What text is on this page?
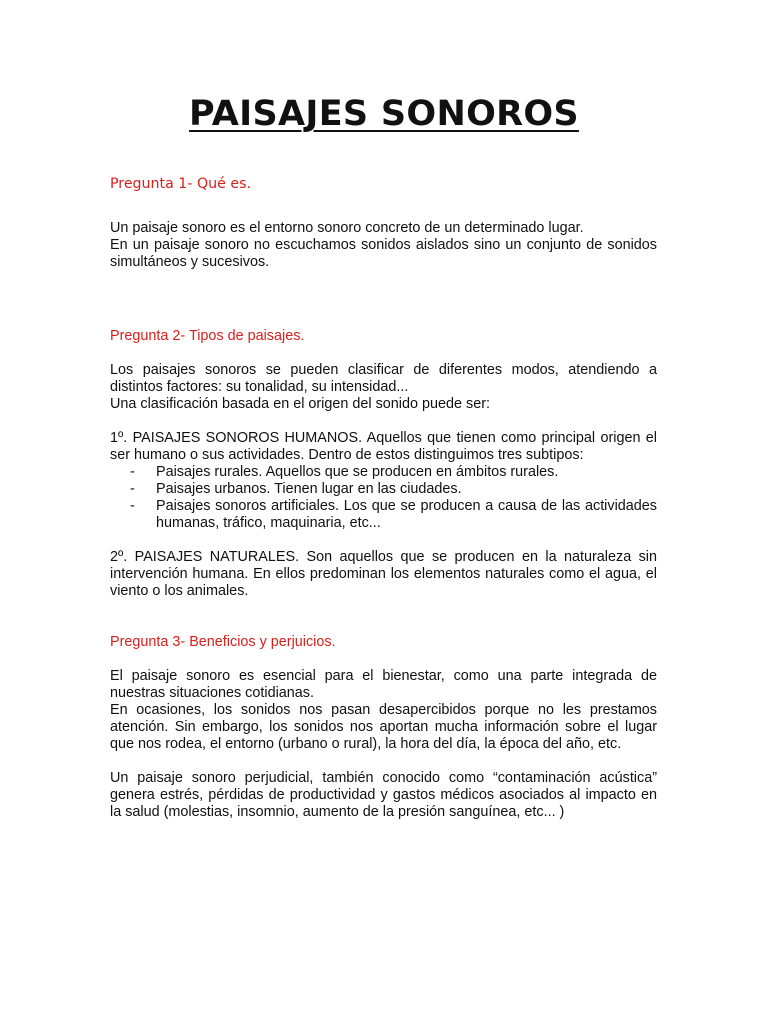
PAISAJES SONOROS

Pregunta 1- Qué es.

Un paisaje sonoro es el entorno sonoro concreto de un determinado lugar.

En un paisaje sonoro no escuchamos sonidos aislados sino un conjunto de sonidos simultáneos y sucesivos.

Pregunta 2- Tipos de paisajes.

Los paisajes sonoros se pueden clasificar de diferentes modos, atendiendo a distintos factores: su tonalidad, su intensidad...

Una clasificación basada en el origen del sonido puede ser:

1º. PAISAJES SONOROS HUMANOS. Aquellos que tienen como principal origen el ser humano o sus actividades. Dentro de estos distinguimos tres subtipos:

- Paisajes rurales. Aquellos que se producen en ámbitos rurales.
- Paisajes urbanos. Tienen lugar en las ciudades.
- Paisajes sonoros artificiales. Los que se producen a causa de las actividades humanas, tráfico, maquinaria, etc...

2º. PAISAJES NATURALES. Son aquellos que se producen en la naturaleza sin intervención humana. En ellos predominan los elementos naturales como el agua, el viento o los animales.

Pregunta 3- Beneficios y perjuicios.

El paisaje sonoro es esencial para el bienestar, como una parte integrada de nuestras situaciones cotidianas.

En ocasiones, los sonidos nos pasan desapercibidos porque no les prestamos atención. Sin embargo, los sonidos nos aportan mucha información sobre el lugar que nos rodea, el entorno (urbano o rural), la hora del día, la época del año, etc.

Un paisaje sonoro perjudicial, también conocido como “contaminación acústica” genera estrés, pérdidas de productividad y gastos médicos asociados al impacto en la salud (molestias, insomnio, aumento de la presión sanguínea, etc... )
